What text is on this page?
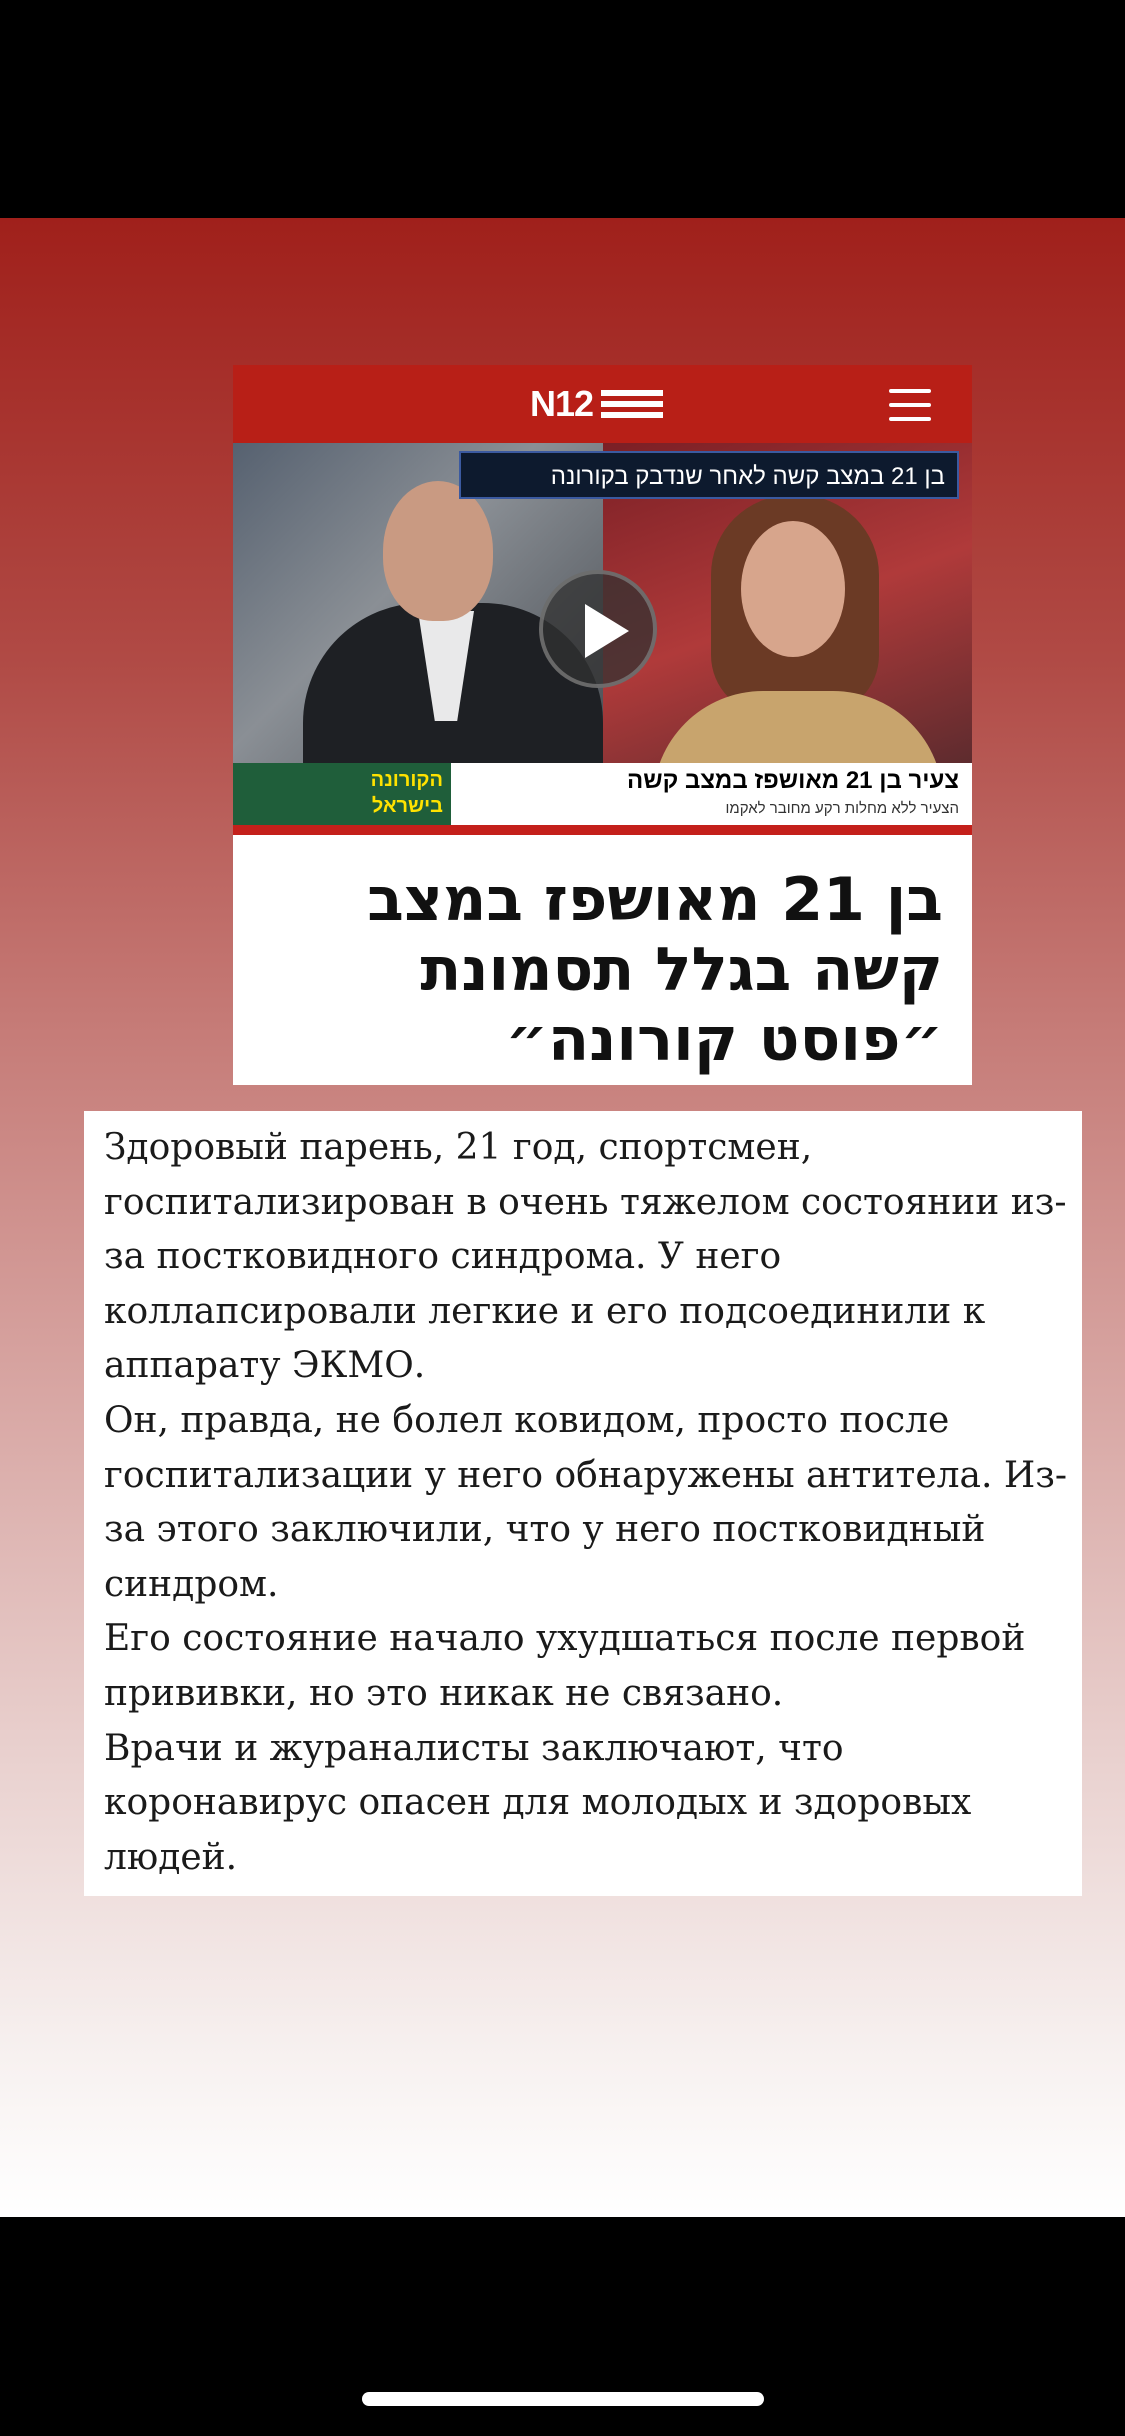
N12
בן 21 במצב קשה לאחר שנדבק בקורונה
הקורונה בישראל
צעיר בן 21 מאושפז במצב קשה
הצעיר ללא מחלות רקע מחובר לאקמו
בן 21 מאושפז במצב קשה בגלל תסמונת ״פוסט קורונה״
Здоровый парень, 21 год, спортсмен, госпитализирован в очень тяжелом состоянии из-за постковидного синдрома. У него коллапсировали легкие и его подсоединили к аппарату ЭКМО.
Он, правда, не болел ковидом, просто после госпитализации у него обнаружены антитела. Из-за этого заключили, что у него постковидный синдром.
Его состояние начало ухудшаться после первой прививки, но это никак не связано.
Врачи и жураналисты заключают, что коронавирус опасен для молодых и здоровых людей.
